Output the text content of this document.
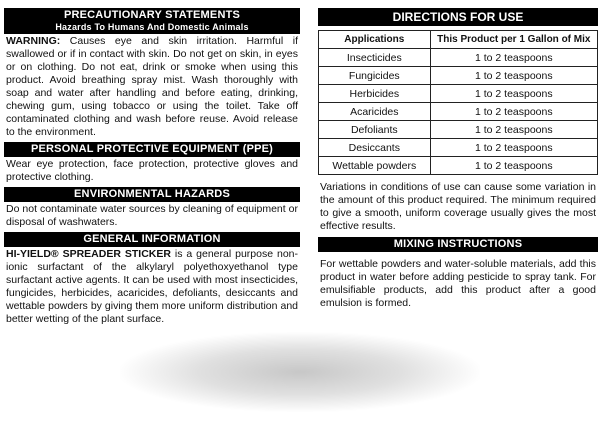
PRECAUTIONARY STATEMENTS
Hazards To Humans And Domestic Animals
WARNING: Causes eye and skin irritation. Harmful if swallowed or if in contact with skin. Do not get on skin, in eyes or on clothing. Do not eat, drink or smoke when using this product. Avoid breathing spray mist. Wash thoroughly with soap and water after handling and before eating, drinking, chewing gum, using tobacco or using the toilet. Take off contaminated clothing and wash before reuse. Avoid release to the environment.
PERSONAL PROTECTIVE EQUIPMENT (PPE)
Wear eye protection, face protection, protective gloves and protective clothing.
ENVIRONMENTAL HAZARDS
Do not contaminate water sources by cleaning of equipment or disposal of washwaters.
GENERAL INFORMATION
HI-YIELD® SPREADER STICKER is a general purpose non-ionic surfactant of the alkylaryl polyethoxyethanol type surfactant active agents. It can be used with most insecticides, fungicides, herbicides, acaricides, defoliants, desiccants and wettable powders by giving them more uniform distribution and better wetting of the plant surface.
DIRECTIONS FOR USE
Applications	This Product per 1 Gallon of Mix
Insecticides	1 to 2 teaspoons
Fungicides	1 to 2 teaspoons
Herbicides	1 to 2 teaspoons
Acaricides	1 to 2 teaspoons
Defoliants	1 to 2 teaspoons
Desiccants	1 to 2 teaspoons
Wettable powders	1 to 2 teaspoons
Variations in conditions of use can cause some variation in the amount of this product required. The minimum required to give a smooth, uniform coverage usually gives the most effective results.
MIXING INSTRUCTIONS
For wettable powders and water-soluble materials, add this product in water before adding pesticide to spray tank. For emulsifiable products, add this product after a good emulsion is formed.
